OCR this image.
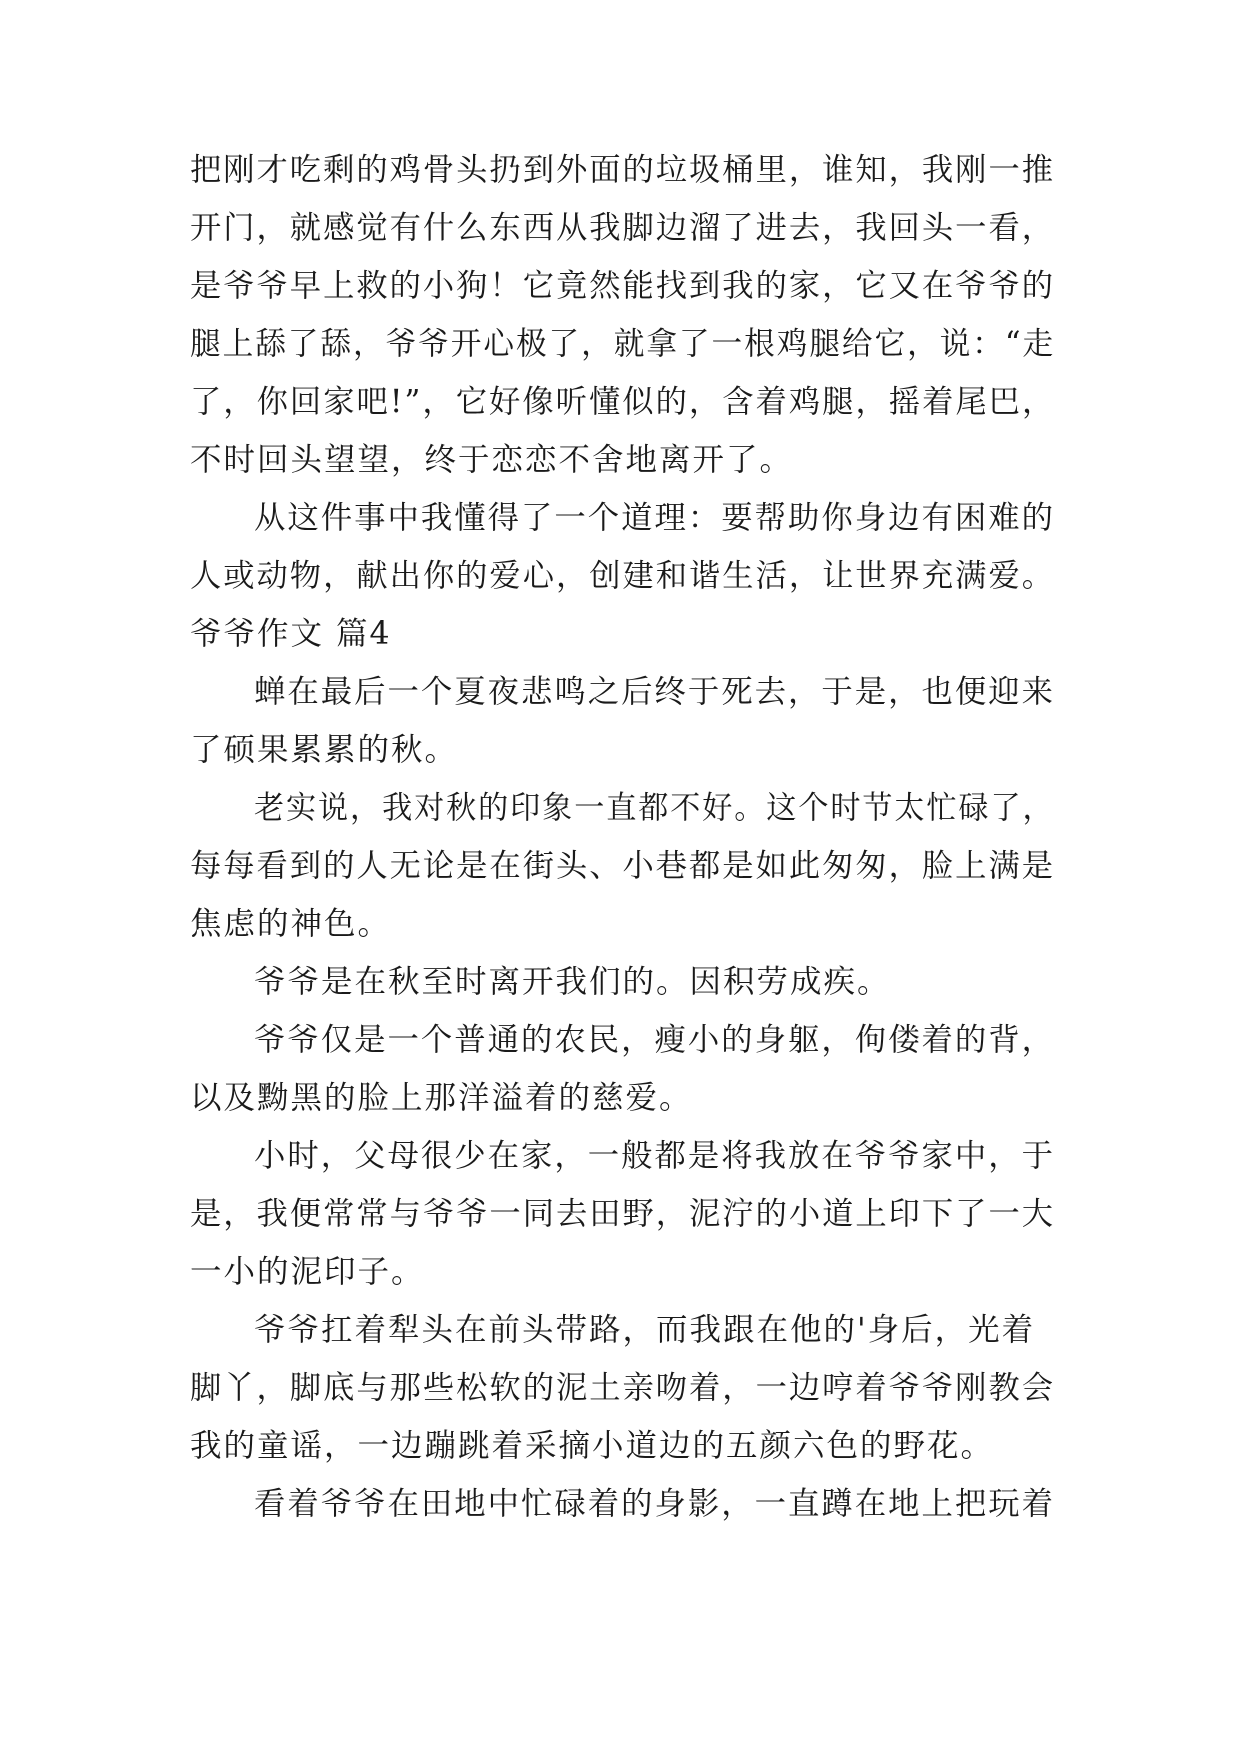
把刚才吃剩的鸡骨头扔到外面的垃圾桶里，谁知，我刚一推

开门，就感觉有什么东西从我脚边溜了进去，我回头一看，

是爷爷早上救的小狗！它竟然能找到我的家，它又在爷爷的

腿上舔了舔，爷爷开心极了，就拿了一根鸡腿给它，说：“走

了，你回家吧!”，它好像听懂似的，含着鸡腿，摇着尾巴，

不时回头望望，终于恋恋不舍地离开了。

从这件事中我懂得了一个道理：要帮助你身边有困难的

人或动物，献出你的爱心，创建和谐生活，让世界充满爱。

爷爷作文 篇4

蝉在最后一个夏夜悲鸣之后终于死去，于是，也便迎来

了硕果累累的秋。

老实说，我对秋的印象一直都不好。这个时节太忙碌了，

每每看到的人无论是在街头、小巷都是如此匆匆，脸上满是

焦虑的神色。

爷爷是在秋至时离开我们的。因积劳成疾。

爷爷仅是一个普通的农民，瘦小的身躯，佝偻着的背，

以及黝黑的脸上那洋溢着的慈爱。

小时，父母很少在家，一般都是将我放在爷爷家中，于

是，我便常常与爷爷一同去田野，泥泞的小道上印下了一大

一小的泥印子。

爷爷扛着犁头在前头带路，而我跟在他的'身后，光着

脚丫，脚底与那些松软的泥土亲吻着，一边哼着爷爷刚教会

我的童谣，一边蹦跳着采摘小道边的五颜六色的野花。

看着爷爷在田地中忙碌着的身影，一直蹲在地上把玩着
